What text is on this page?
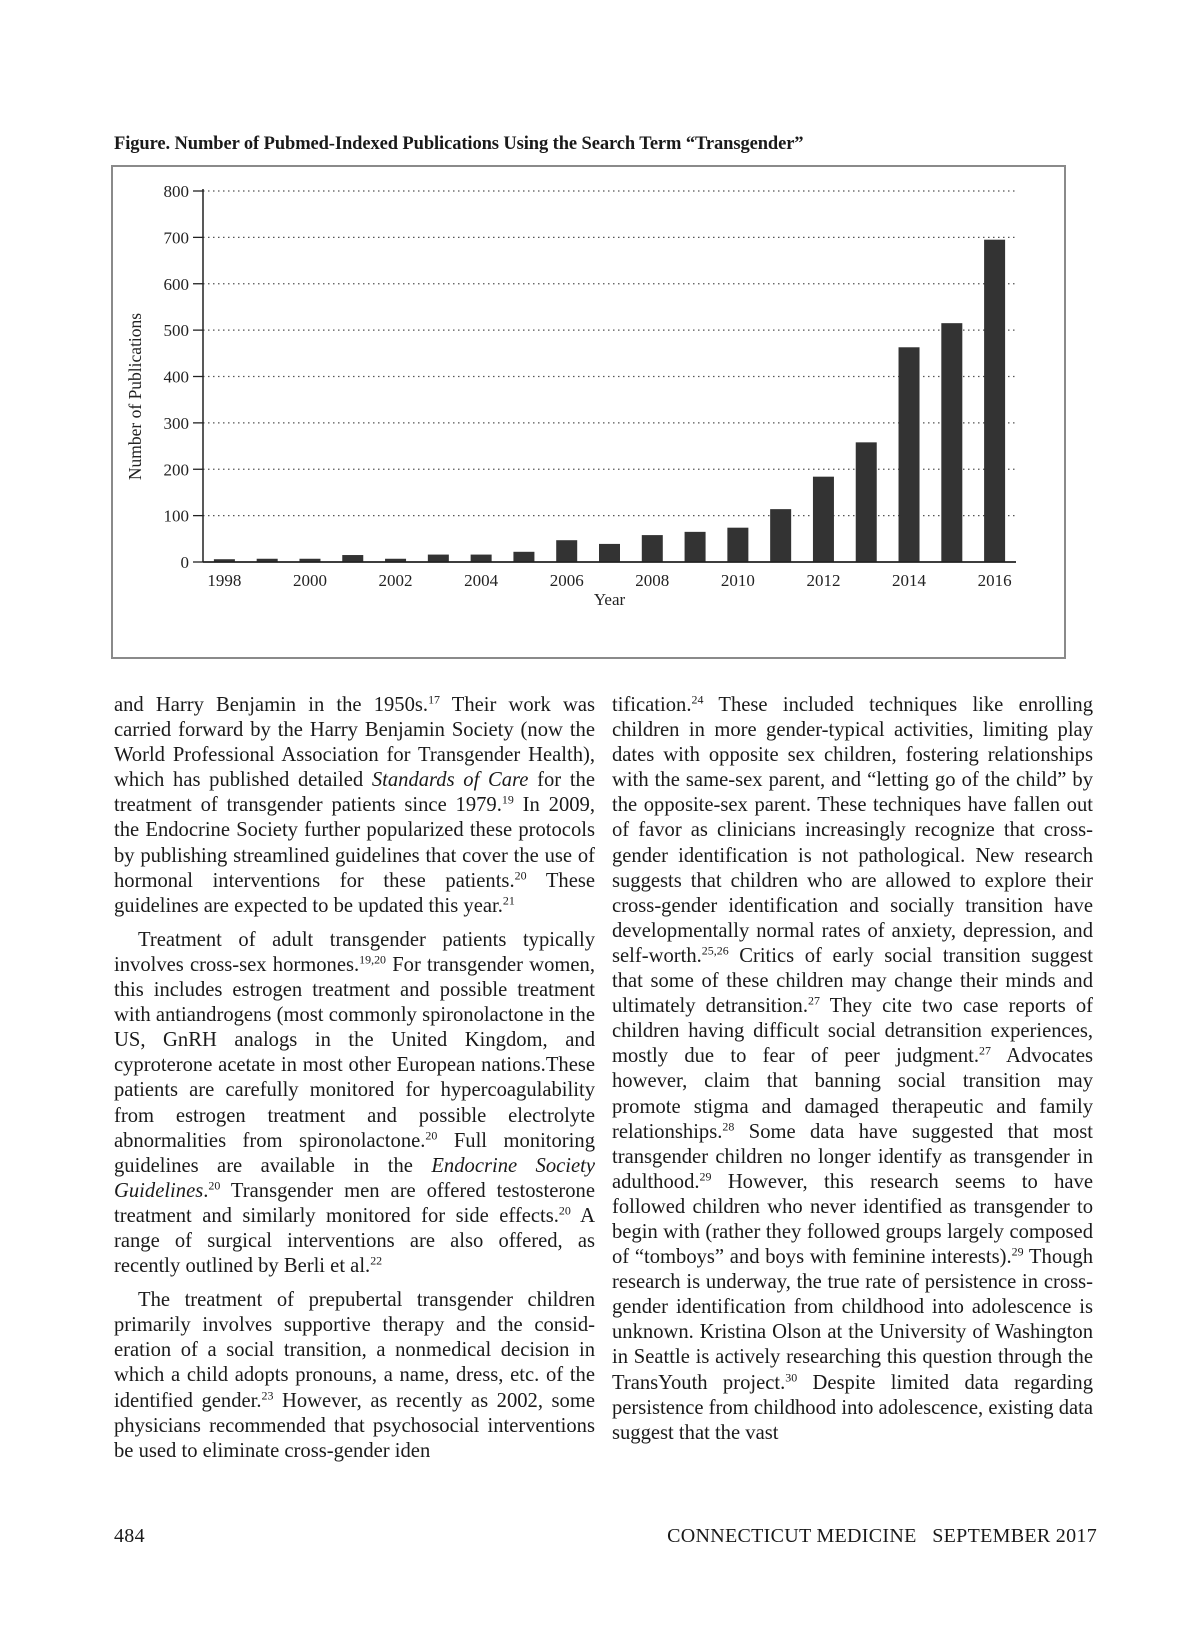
Figure. Number of Pubmed-Indexed Publications Using the Search Term “Transgender”
0
100
200
300
400
500
600
700
800
1998	2000	2002	2004	2006	2008	2010	2012	2014	2016
Year
Number of Publications

and Harry Benjamin in the 1950s.$^{17}$ Their work was carried forward by the Harry Benjamin Society (now the World Professional Association for Transgender Health), which has published detailed Standards of Care for the treatment of transgender patients since 1979.19 In 2009, the Endocrine Society further popularized these protocols by publishing streamlined guidelines that cover the use of hormonal interventions for these patients.$^{20}$ These guidelines are expected to be updated this year.$^{21}$

Treatment of adult transgender patients typically involves cross-sex hormones.$^{19,20}$ For transgender women, this includes estrogen treatment and possible treatment with antiandrogens (most commonly spironolactone in the US, GnRH analogs in the United Kingdom, and cyproterone acetate in most other European nations.These patients are carefully monitored for hypercoagulability from estrogen treatment and possible electrolyte abnormalities from spironolactone.$^{20}$ Full monitoring guidelines are available in the Endocrine Society Guidelines.$^{20}$ Transgender men are offered testosterone treatment and similarly monitored for side effects.$^{20}$ A range of surgical interventions are also offered, as recently outlined by Berli et al.$^{22}$

The treatment of prepubertal transgender children primarily involves supportive therapy and the consideration of a social transition, a nonmedical decision in which a child adopts pronouns, a name, dress, etc. of the identified gender.$^{23}$ However, as recently as 2002, some physicians recommended that psychosocial interventions be used to eliminate cross-gender iden

tification.$^{24}$ These included techniques like enrolling children in more gender-typical activities, limiting play dates with opposite sex children, fostering relationships with the same-sex parent, and “letting go of the child” by the opposite-sex parent. These techniques have fallen out of favor as clinicians increasingly recognize that cross-gender identification is not pathological. New research suggests that children who are allowed to explore their cross-gender identification and socially transition have developmentally normal rates of anxiety, depression, and self-worth.$^{25,26}$ Critics of early social transition suggest that some of these children may change their minds and ultimately detransition.$^{27}$ They cite two case reports of children having difficult social detransition experiences, mostly due to fear of peer judgment.$^{27}$ Advocates however, claim that banning social transition may promote stigma and damaged therapeutic and family relationships.$^{28}$ Some data have suggested that most transgender children no longer identify as transgender in adulthood.$^{29}$ However, this research seems to have followed children who never identified as transgender to begin with (rather they followed groups largely composed of “tomboys” and boys with feminine interests).$^{29}$ Though research is underway, the true rate of persistence in cross-gender identification from childhood into adolescence is unknown. Kristina Olson at the University of Washington in Seattle is actively researching this question through the TransYouth project.$^{30}$ Despite limited data regarding persistence from childhood into adolescence, existing data suggest that the vast

484	CONNECTICUT MEDICINE  SEPTEMBER 2017
